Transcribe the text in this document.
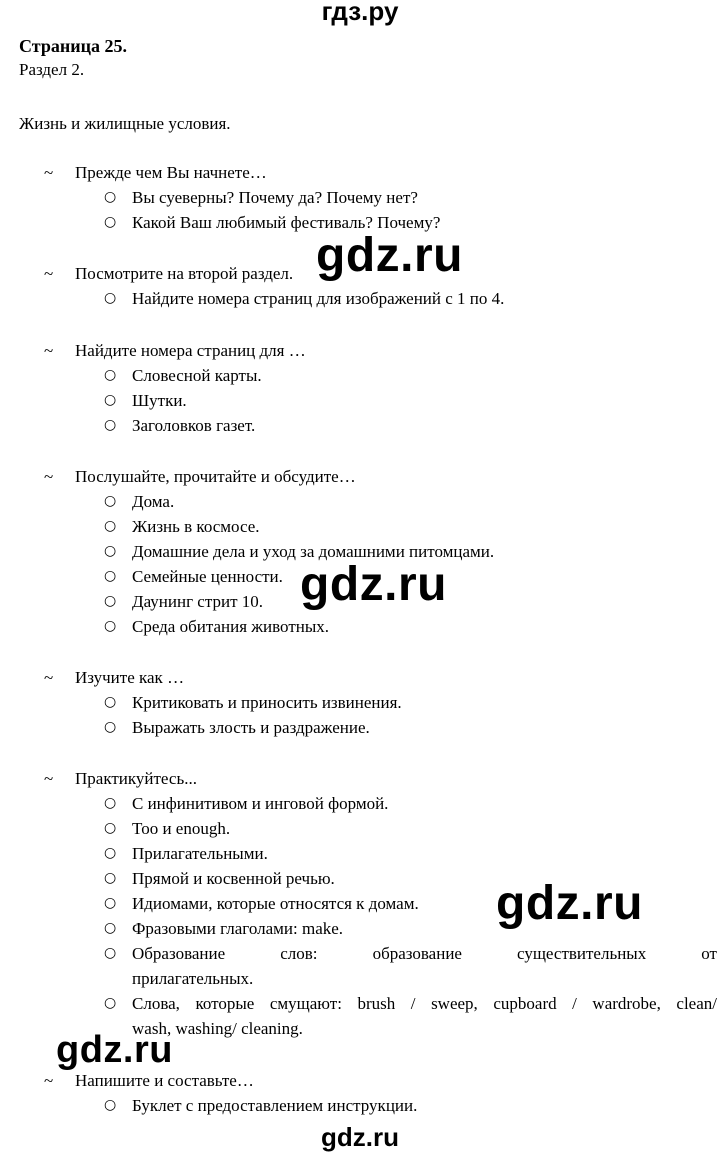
гдз.ру
Страница 25.
Раздел 2.
Жизнь и жилищные условия.
~ Прежде чем Вы начнете…
○ Вы суеверны? Почему да? Почему нет?
○ Какой Ваш любимый фестиваль? Почему?
~ Посмотрите на второй раздел.
○ Найдите номера страниц для изображений с 1 по 4.
~ Найдите номера страниц для …
○ Словесной карты.
○ Шутки.
○ Заголовков газет.
~ Послушайте, прочитайте и обсудите…
○ Дома.
○ Жизнь в космосе.
○ Домашние дела и уход за домашними питомцами.
○ Семейные ценности.
○ Даунинг стрит 10.
○ Среда обитания животных.
~ Изучите как …
○ Критиковать и приносить извинения.
○ Выражать злость и раздражение.
~ Практикуйтесь...
○ С инфинитивом и инговой формой.
○ Too и enough.
○ Прилагательными.
○ Прямой и косвенной речью.
○ Идиомами, которые относятся к домам.
○ Фразовыми глаголами: make.
○ Образование слов: образование существительных от
прилагательных.
○ Слова, которые смущают: brush / sweep, cupboard / wardrobe, clean/
wash, washing/ cleaning.
~ Напишите и составьте…
○ Буклет с предоставлением инструкции.
gdz.ru
gdz.ru
gdz.ru
gdz.ru
gdz.ru
